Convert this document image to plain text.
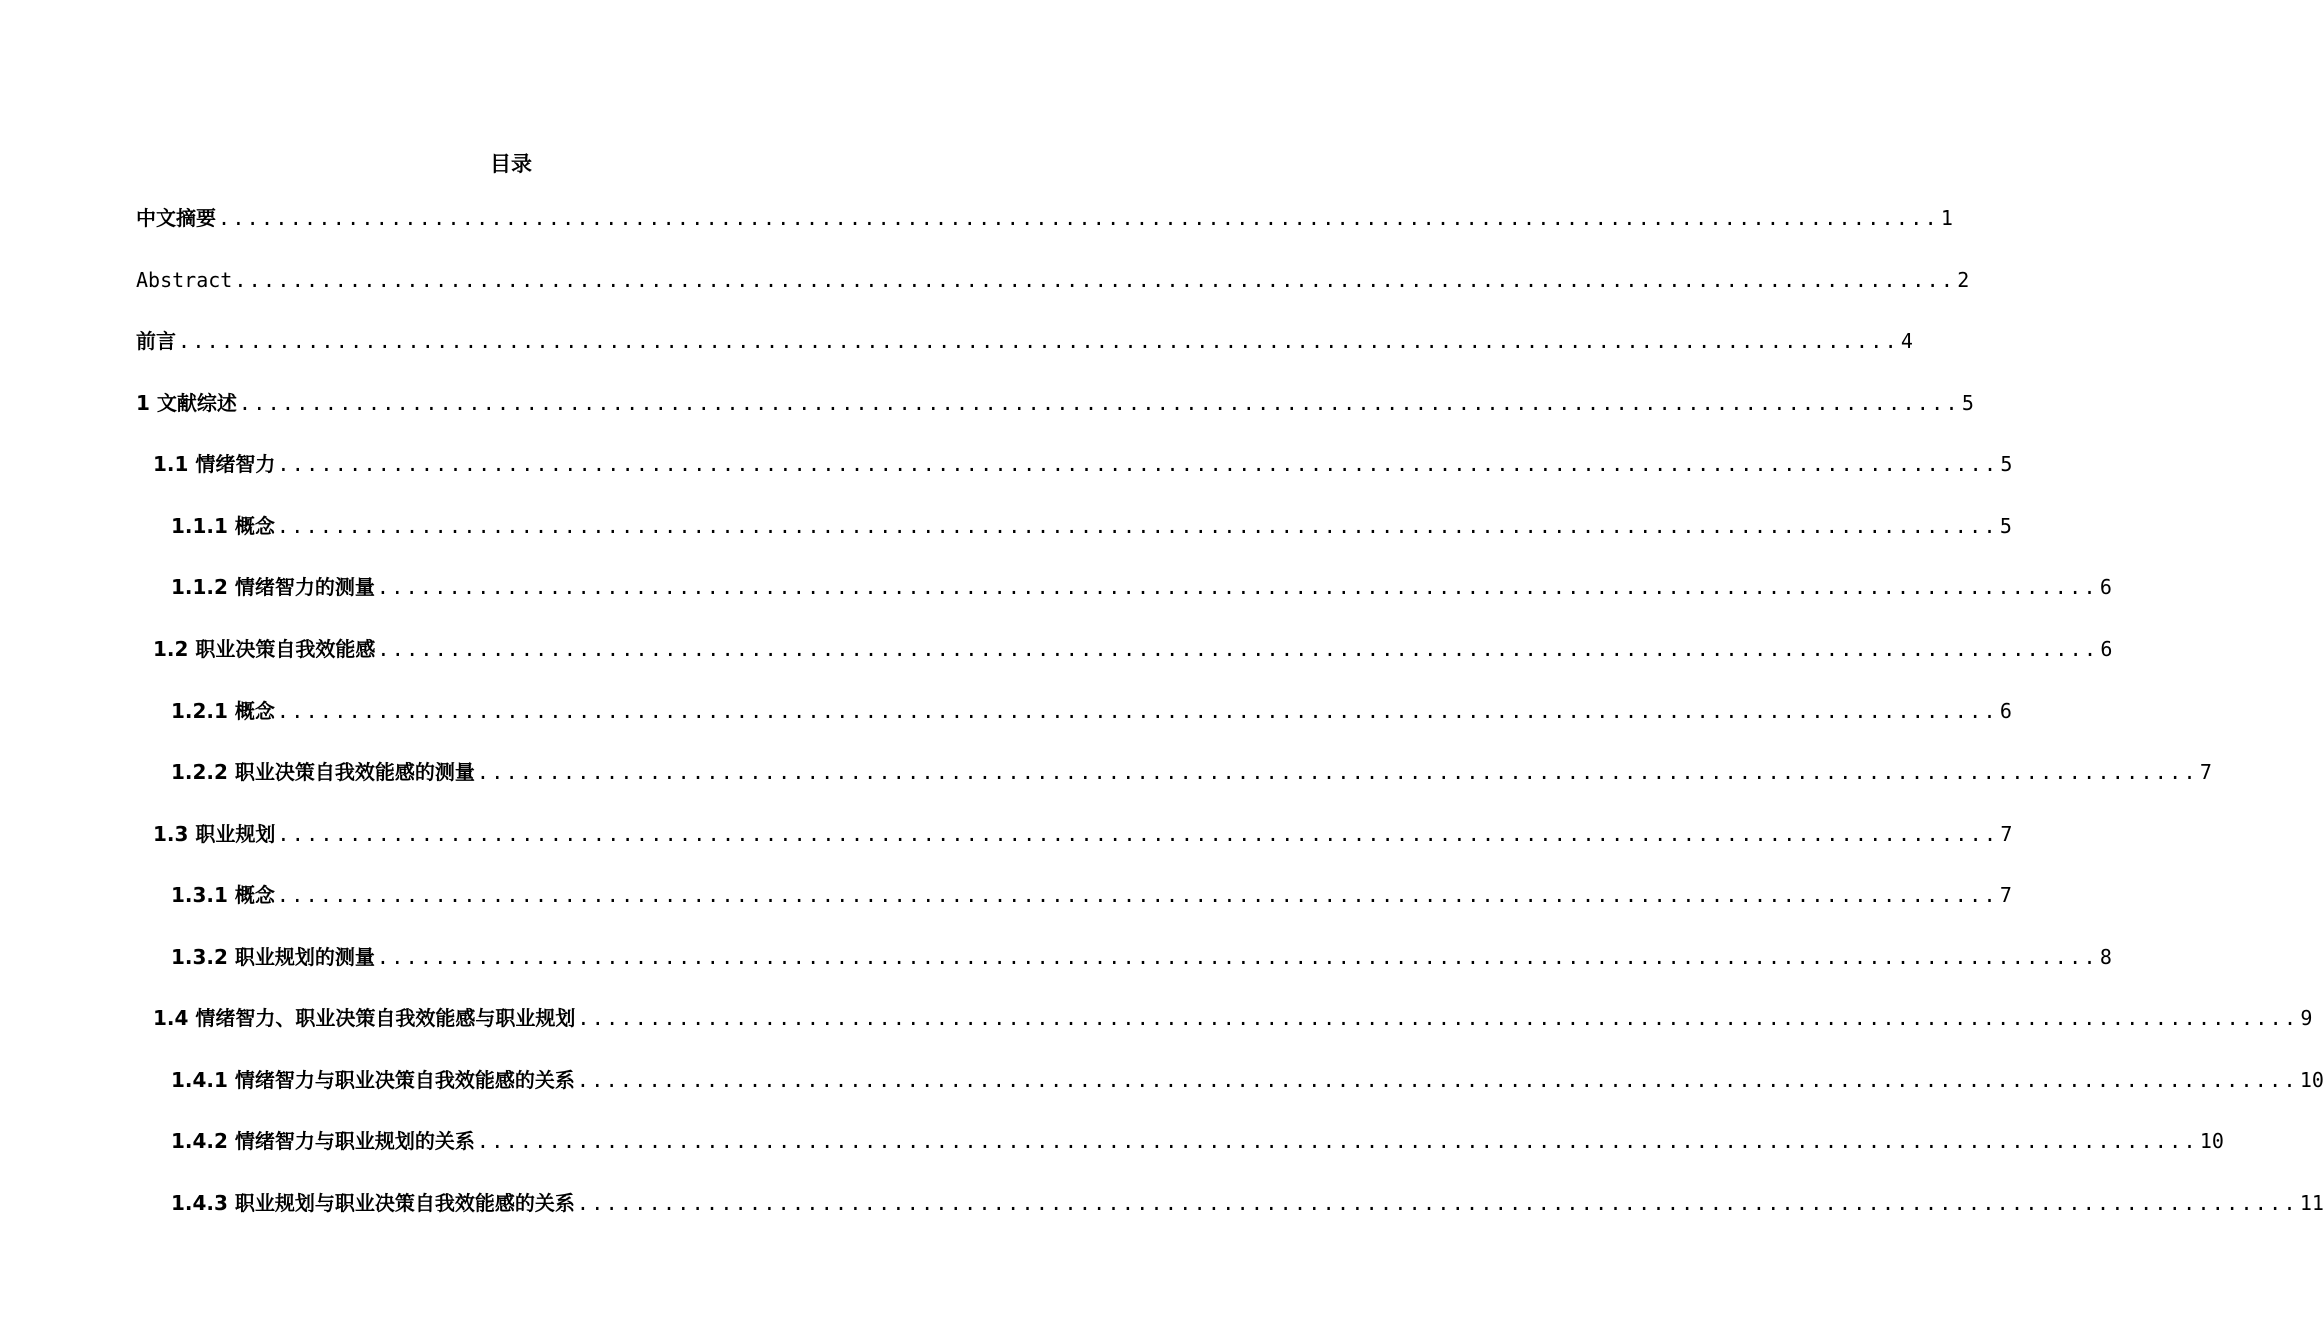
目录
中文摘要 ........................................................................................................................ 1
Abstract ........................................................................................................................ 2
前言 ........................................................................................................................ 4
1 文献综述 ........................................................................................................................ 5
1.1 情绪智力 ........................................................................................................................ 5
1.1.1 概念 ........................................................................................................................ 5
1.1.2 情绪智力的测量 ........................................................................................................................ 6
1.2 职业决策自我效能感 ........................................................................................................................ 6
1.2.1 概念 ........................................................................................................................ 6
1.2.2 职业决策自我效能感的测量 ........................................................................................................................ 7
1.3 职业规划 ........................................................................................................................ 7
1.3.1 概念 ........................................................................................................................ 7
1.3.2 职业规划的测量 ........................................................................................................................ 8
1.4 情绪智力、职业决策自我效能感与职业规划 ........................................................................................................................ 9
1.4.1 情绪智力与职业决策自我效能感的关系 ........................................................................................................................ 10
1.4.2 情绪智力与职业规划的关系 ........................................................................................................................ 10
1.4.3 职业规划与职业决策自我效能感的关系 ........................................................................................................................ 11
